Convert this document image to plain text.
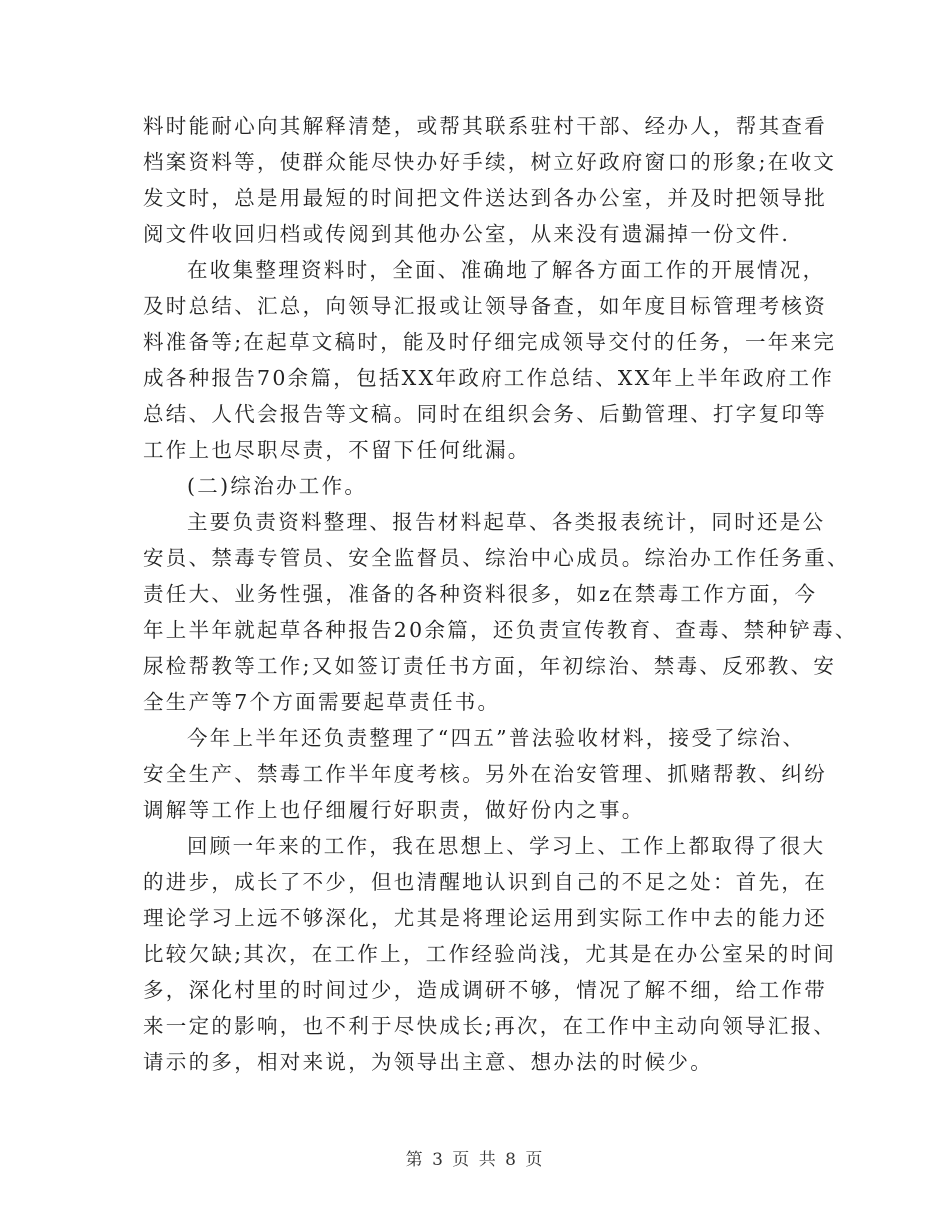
料时能耐心向其解释清楚，或帮其联系驻村干部、经办人，帮其查看
档案资料等，使群众能尽快办好手续，树立好政府窗口的形象;在收文
发文时，总是用最短的时间把文件送达到各办公室，并及时把领导批
阅文件收回归档或传阅到其他办公室，从来没有遗漏掉一份文件.
在收集整理资料时，全面、准确地了解各方面工作的开展情况，
及时总结、汇总，向领导汇报或让领导备查，如年度目标管理考核资
料准备等;在起草文稿时，能及时仔细完成领导交付的任务，一年来完
成各种报告70余篇，包括XX年政府工作总结、XX年上半年政府工作
总结、人代会报告等文稿。同时在组织会务、后勤管理、打字复印等
工作上也尽职尽责，不留下任何纰漏。
(二)综治办工作。
主要负责资料整理、报告材料起草、各类报表统计，同时还是公
安员、禁毒专管员、安全监督员、综治中心成员。综治办工作任务重、
责任大、业务性强，准备的各种资料很多，如z在禁毒工作方面，今
年上半年就起草各种报告20余篇，还负责宣传教育、查毒、禁种铲毒、
尿检帮教等工作;又如签订责任书方面，年初综治、禁毒、反邪教、安
全生产等7个方面需要起草责任书。
今年上半年还负责整理了“四五”普法验收材料，接受了综治、
安全生产、禁毒工作半年度考核。另外在治安管理、抓赌帮教、纠纷
调解等工作上也仔细履行好职责，做好份内之事。
回顾一年来的工作，我在思想上、学习上、工作上都取得了很大
的进步，成长了不少，但也清醒地认识到自己的不足之处：首先，在
理论学习上远不够深化，尤其是将理论运用到实际工作中去的能力还
比较欠缺;其次，在工作上，工作经验尚浅，尤其是在办公室呆的时间
多，深化村里的时间过少，造成调研不够，情况了解不细，给工作带
来一定的影响，也不利于尽快成长;再次，在工作中主动向领导汇报、
请示的多，相对来说，为领导出主意、想办法的时候少。
第 3 页 共 8 页
